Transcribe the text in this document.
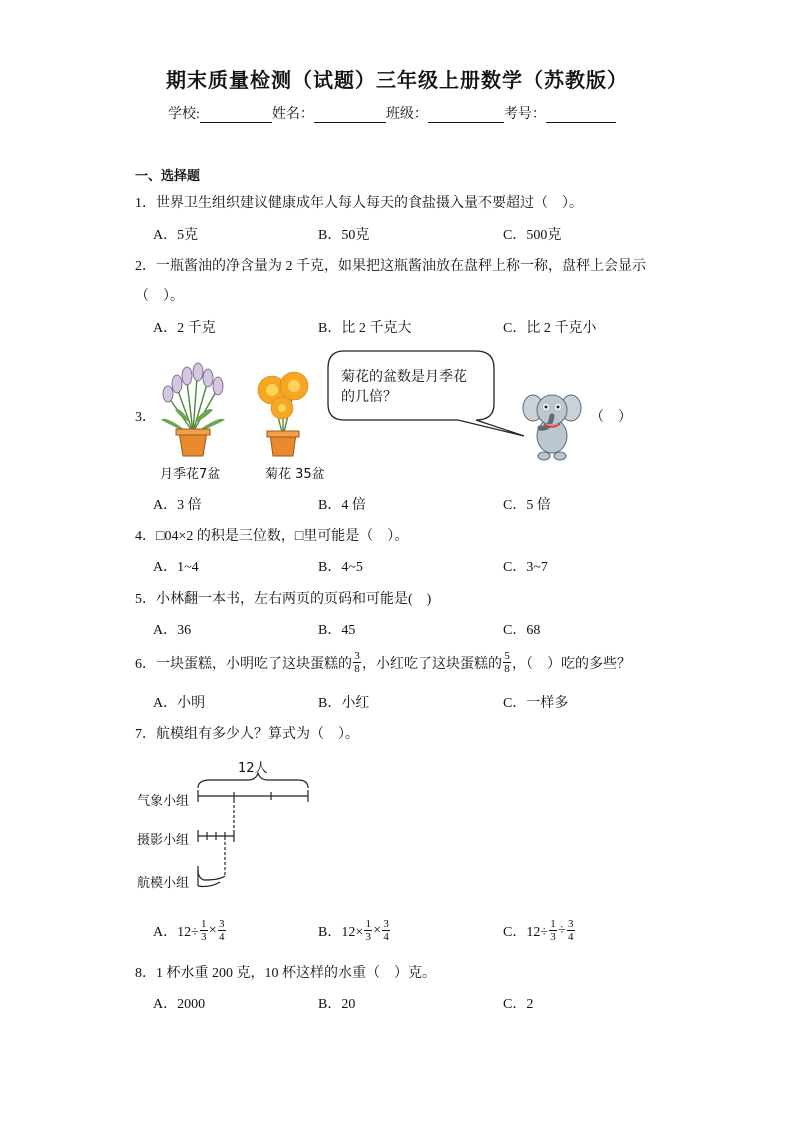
期末质量检测（试题）三年级上册数学（苏教版）
学校:	姓名：	班级：	考号：
一、选择题
1．世界卫生组织建议健康成年人每人每天的食盐摄入量不要超过（　）。
A．5克	B．50克	C．500克
2．一瓶酱油的净含量为 2 千克，如果把这瓶酱油放在盘秤上称一称，盘秤上会显示
（　）。
A．2 千克	B．比 2 千克大	C．比 2 千克小
3．
月季花7盆	菊花 35盆
菊花的盆数是月季花
的几倍？
（　）
A．3 倍	B．4 倍	C．5 倍
4．□04×2 的积是三位数，□里可能是（　）。
A．1~4	B．4~5	C．3~7
5．小林翻一本书，左右两页的页码和可能是(　)
A．36	B．45	C．68
6．一块蛋糕，小明吃了这块蛋糕的 $\frac{3}{8}$ ，小红吃了这块蛋糕的 $\frac{5}{8}$ ，（　）吃的多些？
A．小明	B．小红	C．一样多
7．航模组有多少人？算式为（　）。
12人
气象小组
摄影小组
航模小组
A．$12\div \frac{1}{3} \times \frac{3}{4}$	B．$12\times \frac{1}{3} \times \frac{3}{4}$	C．$12\div \frac{1}{3} \div \frac{3}{4}$
8．1 杯水重 200 克，10 杯这样的水重（　）克。
A．2000	B．20	C．2
